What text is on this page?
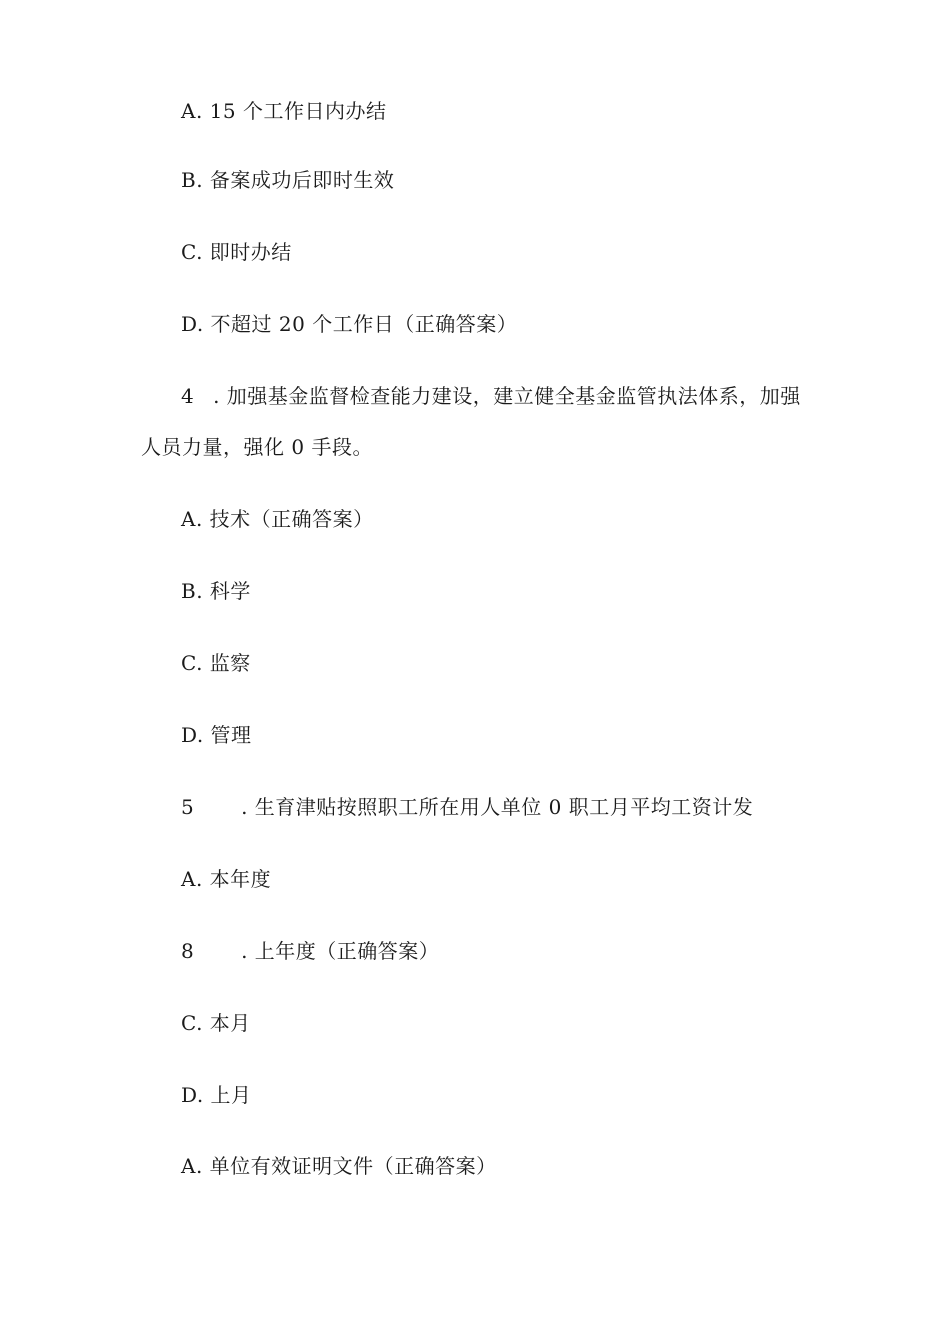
A. 15 个工作日内办结
B. 备案成功后即时生效
C. 即时办结
D. 不超过 20 个工作日（正确答案）
4 . 加强基金监督检查能力建设，建立健全基金监管执法体系，加强
人员力量，强化 0 手段。
A. 技术（正确答案）
B. 科学
C. 监察
D. 管理
5 . 生育津贴按照职工所在用人单位 0 职工月平均工资计发
A. 本年度
8 . 上年度（正确答案）
C. 本月
D. 上月
A. 单位有效证明文件（正确答案）
